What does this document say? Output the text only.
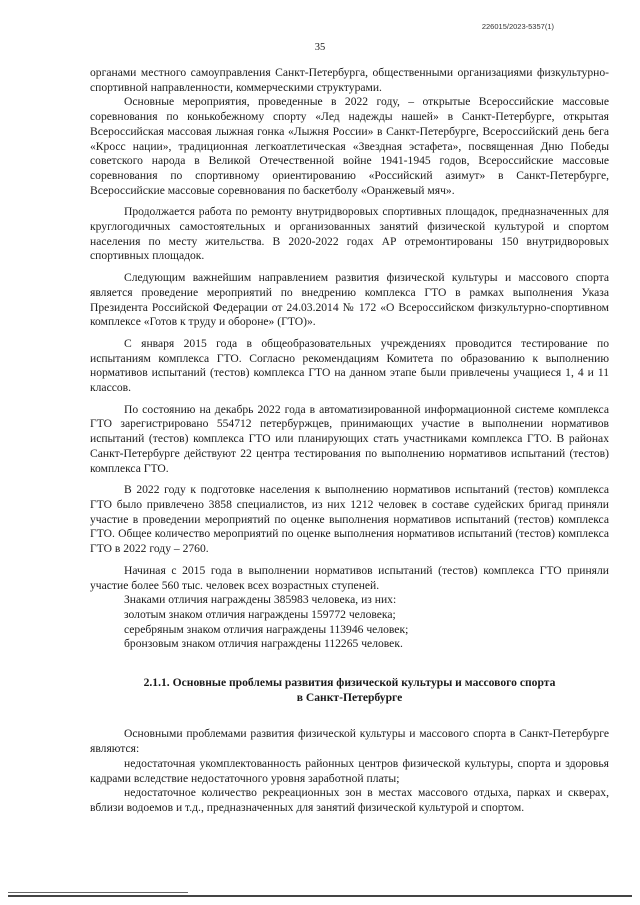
226015/2023-5357(1)
35

органами местного самоуправления Санкт-Петербурга, общественными организациями физкультурно-спортивной направленности, коммерческими структурами.

Основные мероприятия, проведенные в 2022 году, – открытые Всероссийские массовые соревнования по конькобежному спорту «Лед надежды нашей» в Санкт-Петербурге, открытая Всероссийская массовая лыжная гонка «Лыжня России» в Санкт-Петербурге, Всероссийский день бега «Кросс нации», традиционная легкоатлетическая «Звездная эстафета», посвященная Дню Победы советского народа в Великой Отечественной войне 1941-1945 годов, Всероссийские массовые соревнования по спортивному ориентированию «Российский азимут» в Санкт-Петербурге, Всероссийские массовые соревнования по баскетболу «Оранжевый мяч».

Продолжается работа по ремонту внутридворовых спортивных площадок, предназначенных для круглогодичных самостоятельных и организованных занятий физической культурой и спортом населения по месту жительства. В 2020-2022 годах АР отремонтированы 150 внутридворовых спортивных площадок.

Следующим важнейшим направлением развития физической культуры и массового спорта является проведение мероприятий по внедрению комплекса ГТО в рамках выполнения Указа Президента Российской Федерации от 24.03.2014 № 172 «О Всероссийском физкультурно-спортивном комплексе «Готов к труду и обороне» (ГТО)».

С января 2015 года в общеобразовательных учреждениях проводится тестирование по испытаниям комплекса ГТО. Согласно рекомендациям Комитета по образованию к выполнению нормативов испытаний (тестов) комплекса ГТО на данном этапе были привлечены учащиеся 1, 4 и 11 классов.

По состоянию на декабрь 2022 года в автоматизированной информационной системе комплекса ГТО зарегистрировано 554712 петербуржцев, принимающих участие в выполнении нормативов испытаний (тестов) комплекса ГТО или планирующих стать участниками комплекса ГТО. В районах Санкт-Петербурге действуют 22 центра тестирования по выполнению нормативов испытаний (тестов) комплекса ГТО.

В 2022 году к подготовке населения к выполнению нормативов испытаний (тестов) комплекса ГТО было привлечено 3858 специалистов, из них 1212 человек в составе судейских бригад приняли участие в проведении мероприятий по оценке выполнения нормативов испытаний (тестов) комплекса ГТО. Общее количество мероприятий по оценке выполнения нормативов испытаний (тестов) комплекса ГТО в 2022 году – 2760.

Начиная с 2015 года в выполнении нормативов испытаний (тестов) комплекса ГТО приняли участие более 560 тыс. человек всех возрастных ступеней.

Знаками отличия награждены 385983 человека, из них:

золотым знаком отличия награждены 159772 человека;

серебряным знаком отличия награждены 113946 человек;

бронзовым знаком отличия награждены 112265 человек.

2.1.1. Основные проблемы развития физической культуры и массового спорта
в Санкт-Петербурге

Основными проблемами развития физической культуры и массового спорта в Санкт-Петербурге являются:

недостаточная укомплектованность районных центров физической культуры, спорта и здоровья кадрами вследствие недостаточного уровня заработной платы;

недостаточное количество рекреационных зон в местах массового отдыха, парках и скверах, вблизи водоемов и т.д., предназначенных для занятий физической культурой и спортом.
